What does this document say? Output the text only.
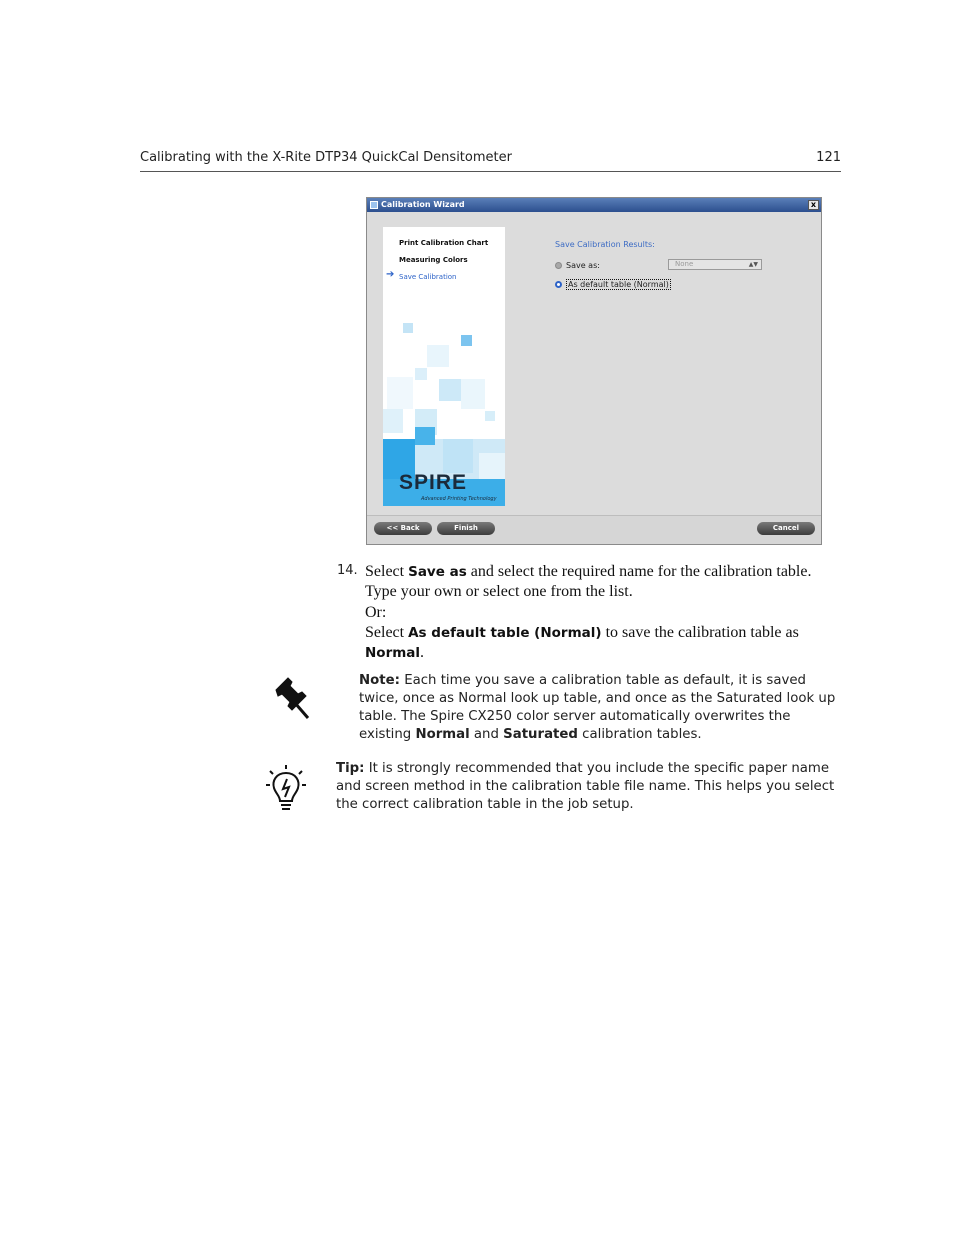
Calibrating with the X-Rite DTP34 QuickCal Densitometer	121
Calibration Wizard	x
Print Calibration Chart
Measuring Colors
➔ Save Calibration
SPIRE
Advanced Printing Technology
Save Calibration Results:
Save as:	None	▲▼
As default table (Normal)
<< Back	Finish	Cancel
14. Select Save as and select the required name for the calibration table.
Type your own or select one from the list.
Or:
Select As default table (Normal) to save the calibration table as
Normal.
Note: Each time you save a calibration table as default, it is saved twice, once as Normal look up table, and once as the Saturated look up table. The Spire CX250 color server automatically overwrites the existing Normal and Saturated calibration tables.
Tip: It is strongly recommended that you include the specific paper name and screen method in the calibration table file name. This helps you select the correct calibration table in the job setup.
